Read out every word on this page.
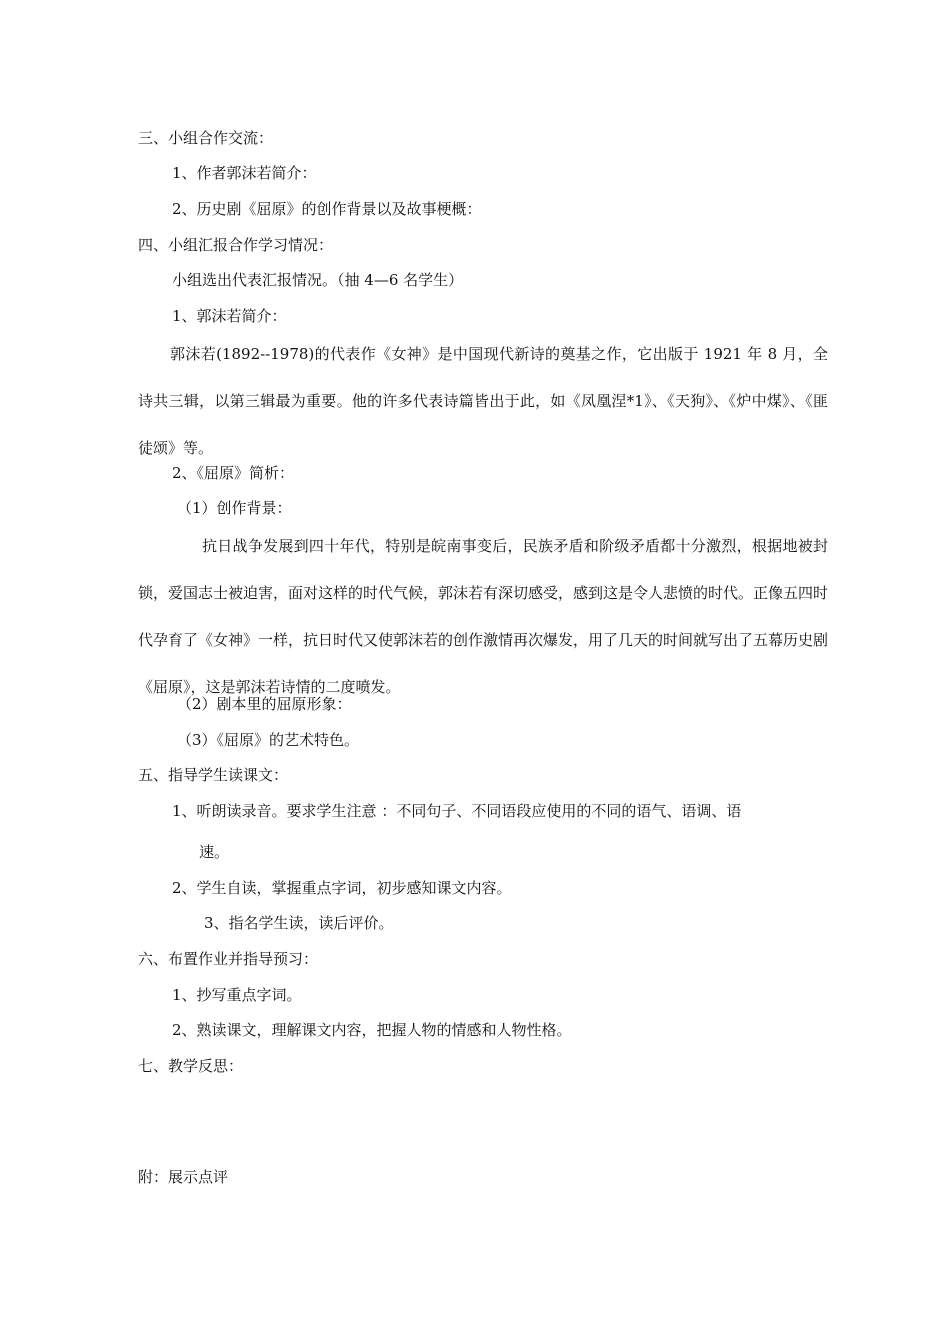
三、小组合作交流：

1、作者郭沫若简介：

2、历史剧《屈原》的创作背景以及故事梗概：

四、小组汇报合作学习情况：

小组选出代表汇报情况。（抽 4—6 名学生）

1、郭沫若简介：

郭沫若(1892--1978)的代表作《女神》是中国现代新诗的奠基之作，它出版于 1921 年 8 月，全诗共三辑，以第三辑最为重要。他的许多代表诗篇皆出于此，如《凤凰涅*1》、《天狗》、《炉中煤》、《匪徒颂》等。

2、《屈原》简析：

（1）创作背景：

抗日战争发展到四十年代，特别是皖南事变后，民族矛盾和阶级矛盾都十分激烈，根据地被封锁，爱国志士被迫害，面对这样的时代气候，郭沫若有深切感受，感到这是令人悲愤的时代。正像五四时代孕育了《女神》一样，抗日时代又使郭沫若的创作激情再次爆发，用了几天的时间就写出了五幕历史剧《屈原》，这是郭沫若诗情的二度喷发。

（2）剧本里的屈原形象：

（3）《屈原》的艺术特色。

五、指导学生读课文：

1、听朗读录音。要求学生注意 ：不同句子、不同语段应使用的不同的语气、语调、语

速。

2、学生自读，掌握重点字词，初步感知课文内容。

3、指名学生读，读后评价。

六、布置作业并指导预习：

1、抄写重点字词。

2、熟读课文，理解课文内容，把握人物的情感和人物性格。

七、教学反思：

附：展示点评
